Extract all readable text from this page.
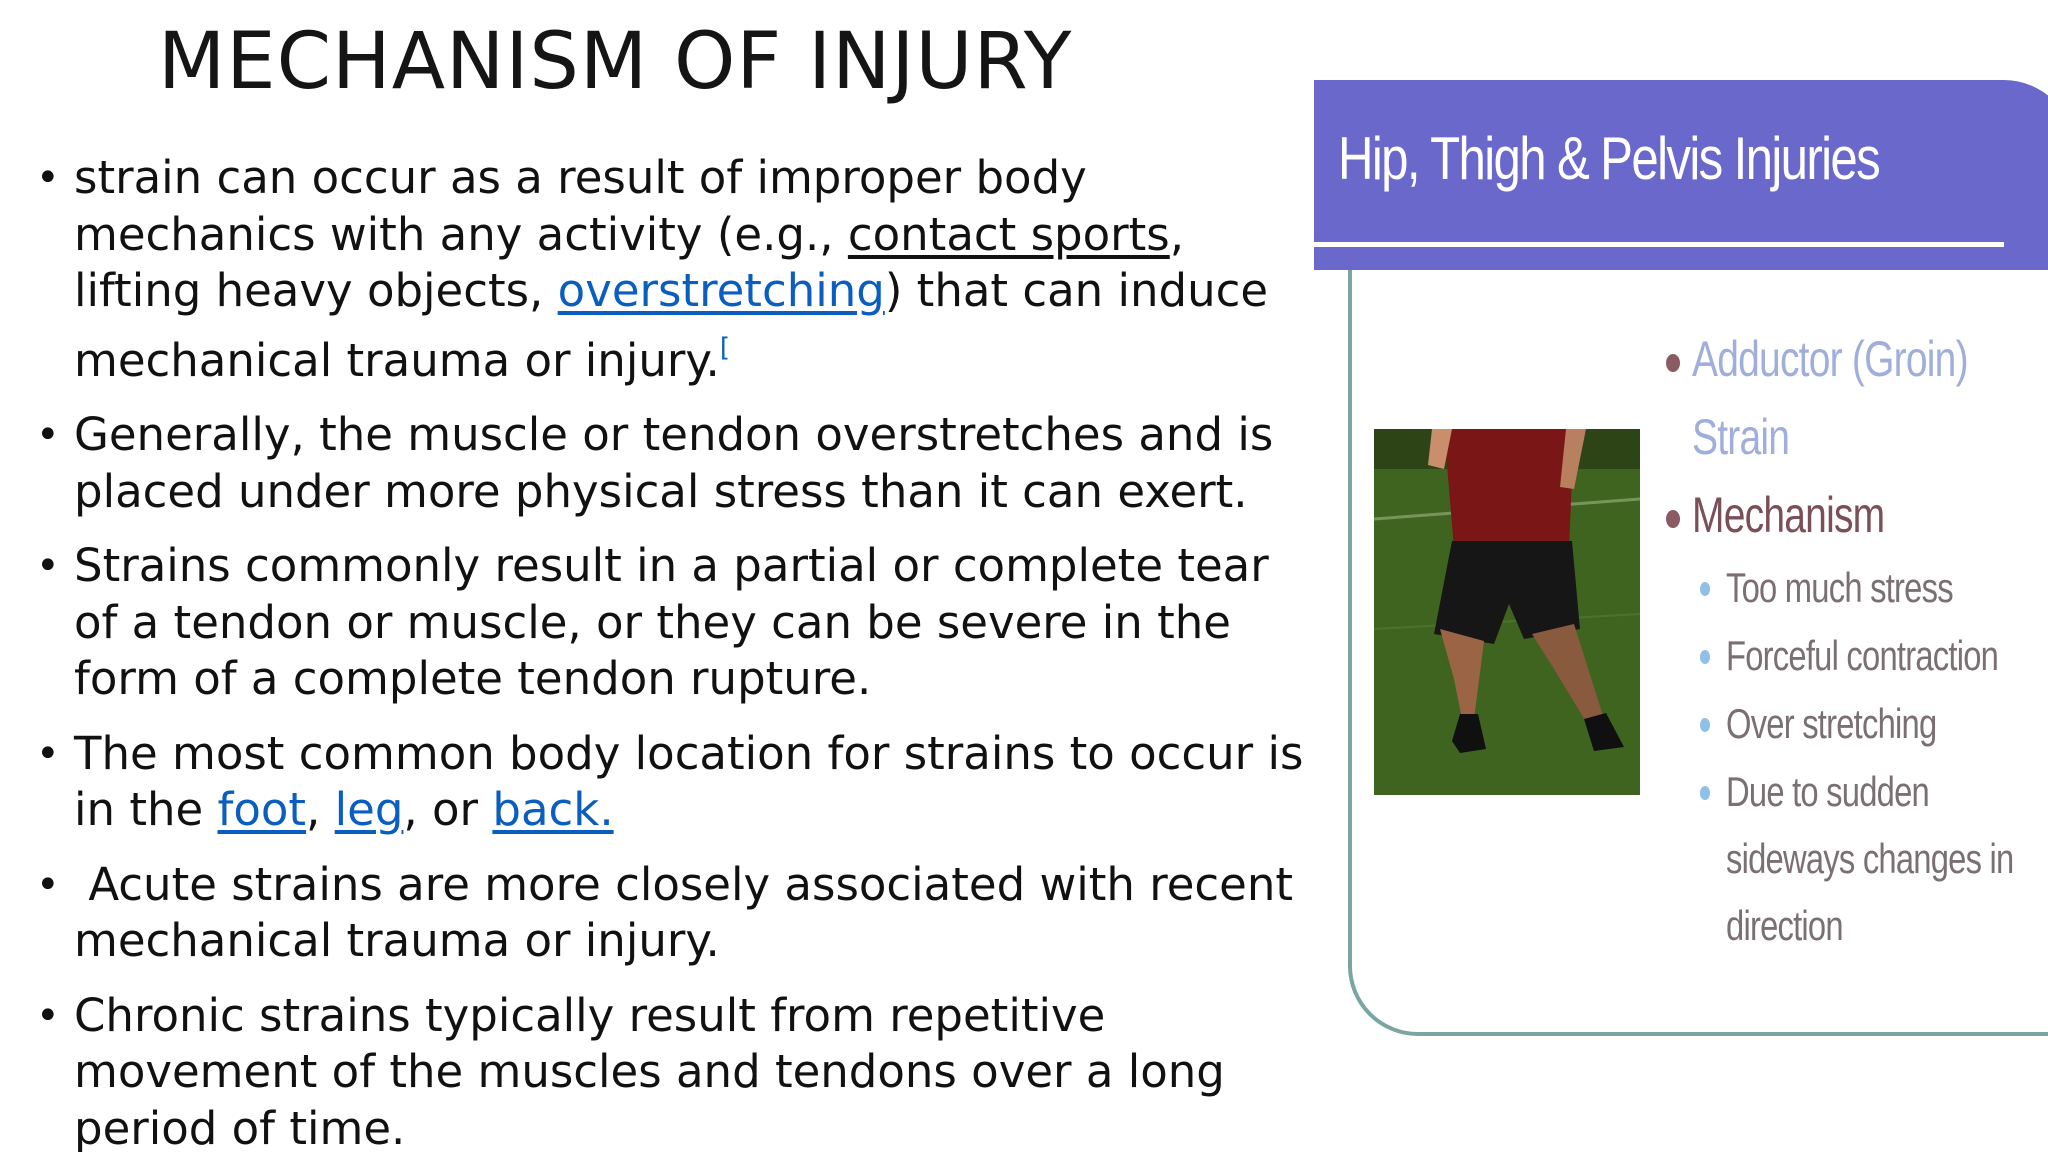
MECHANISM OF INJURY
• strain can occur as a result of improper body mechanics with any activity (e.g., contact sports, lifting heavy objects, overstretching) that can induce mechanical trauma or injury.[
• Generally, the muscle or tendon overstretches and is placed under more physical stress than it can exert.
• Strains commonly result in a partial or complete tear of a tendon or muscle, or they can be severe in the form of a complete tendon rupture.
• The most common body location for strains to occur is in the foot, leg, or back.
•  Acute strains are more closely associated with recent mechanical trauma or injury.
• Chronic strains typically result from repetitive movement of the muscles and tendons over a long period of time.
Hip, Thigh & Pelvis Injuries
Adductor (Groin)
Strain
Mechanism
Too much stress
Forceful contraction
Over stretching
Due to sudden
sideways changes in
direction
